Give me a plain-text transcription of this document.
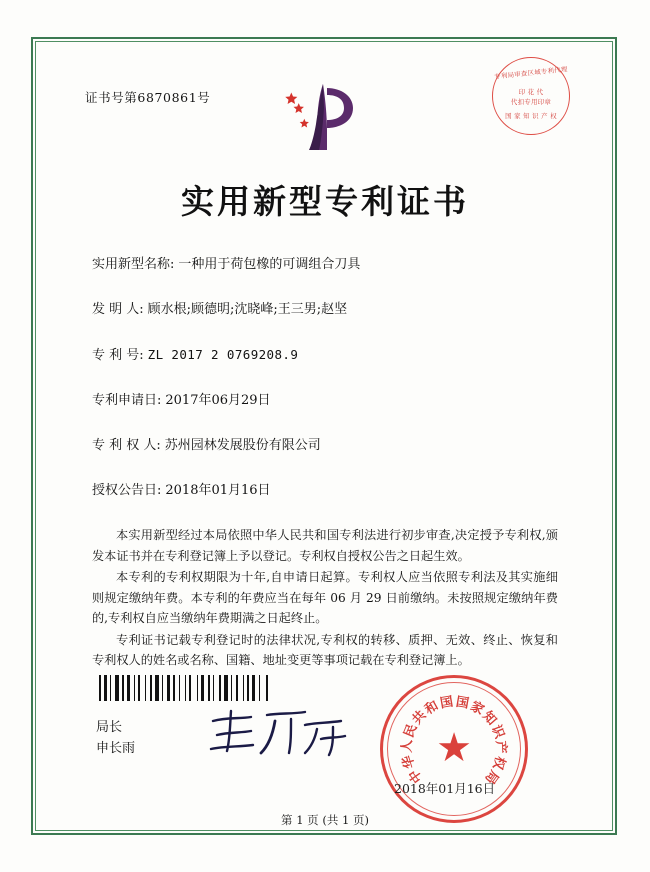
证书号第6870861号
专利局审查区域专利代理
印 花 代
代扣专用印章
国 家 知 识 产 权
实用新型专利证书
实用新型名称: 一种用于荷包橡的可调组合刀具
发 明 人: 顾水根;顾德明;沈晓峰;王三男;赵坚
专 利 号: ZL 2017 2 0769208.9
专利申请日: 2017年06月29日
专 利 权 人: 苏州园林发展股份有限公司
授权公告日: 2018年01月16日

本实用新型经过本局依照中华人民共和国专利法进行初步审查,决定授予专利权,颁发本证书并在专利登记簿上予以登记。专利权自授权公告之日起生效。

本专利的专利权期限为十年,自申请日起算。专利权人应当依照专利法及其实施细则规定缴纳年费。本专利的年费应当在每年 06 月 29 日前缴纳。未按照规定缴纳年费的,专利权自应当缴纳年费期满之日起终止。

专利证书记载专利登记时的法律状况,专利权的转移、质押、无效、终止、恢复和专利权人的姓名或名称、国籍、地址变更等事项记载在专利登记簿上。

局长
申长雨
中
华
人
民
共
和
国 国
家
知
识
产
权
局
★
2018年01月16日
第 1 页 (共 1 页)
